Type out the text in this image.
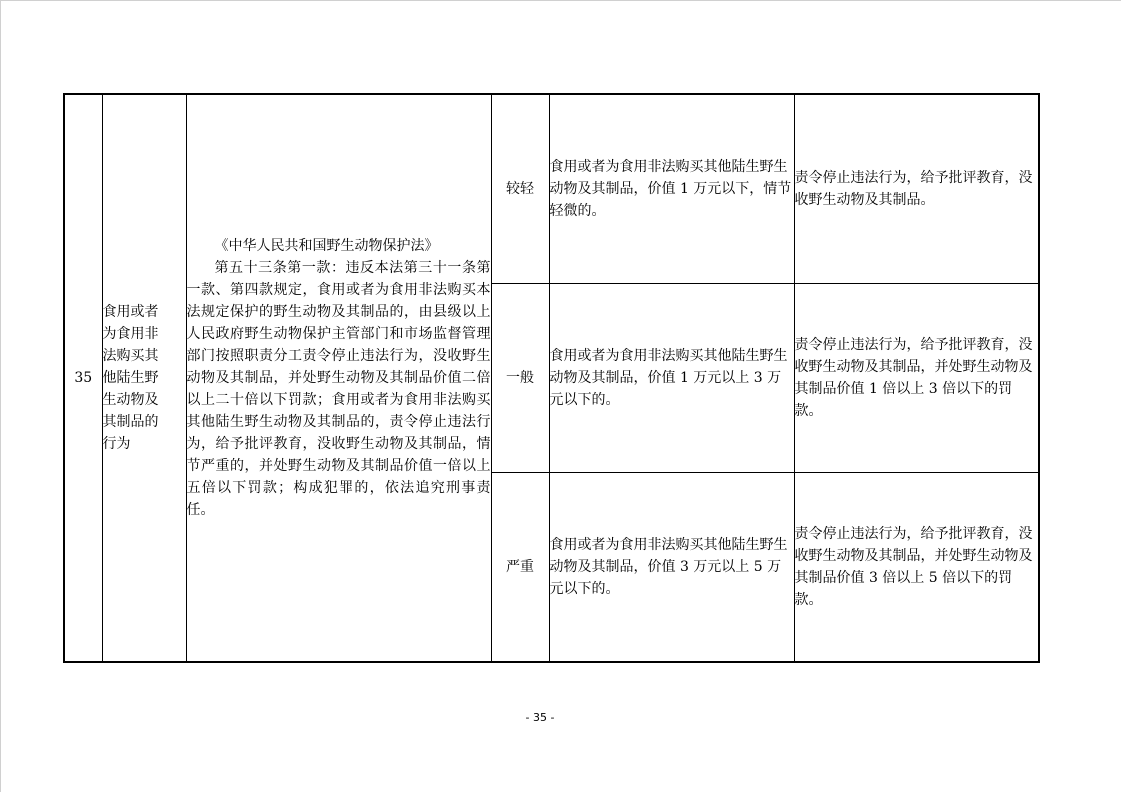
35	食用或者为食用非法购买其他陆生野生动物及其制品的行为	《中华人民共和国野生动物保护法》

第五十三条第一款：违反本法第三十一条第一款、第四款规定，食用或者为食用非法购买本法规定保护的野生动物及其制品的，由县级以上人民政府野生动物保护主管部门和市场监督管理部门按照职责分工责令停止违法行为，没收野生动物及其制品，并处野生动物及其制品价值二倍以上二十倍以下罚款；食用或者为食用非法购买其他陆生野生动物及其制品的，责令停止违法行为，给予批评教育，没收野生动物及其制品，情节严重的，并处野生动物及其制品价值一倍以上五倍以下罚款；构成犯罪的，依法追究刑事责任。	较轻	食用或者为食用非法购买其他陆生野生动物及其制品，价值 1 万元以下，情节轻微的。	责令停止违法行为，给予批评教育，没收野生动物及其制品。
			一般	食用或者为食用非法购买其他陆生野生动物及其制品，价值 1 万元以上 3 万元以下的。	责令停止违法行为，给予批评教育，没收野生动物及其制品，并处野生动物及其制品价值 1 倍以上 3 倍以下的罚款。
			严重	食用或者为食用非法购买其他陆生野生动物及其制品，价值 3 万元以上 5 万元以下的。	责令停止违法行为，给予批评教育，没收野生动物及其制品，并处野生动物及其制品价值 3 倍以上 5 倍以下的罚款。
- 35 -
